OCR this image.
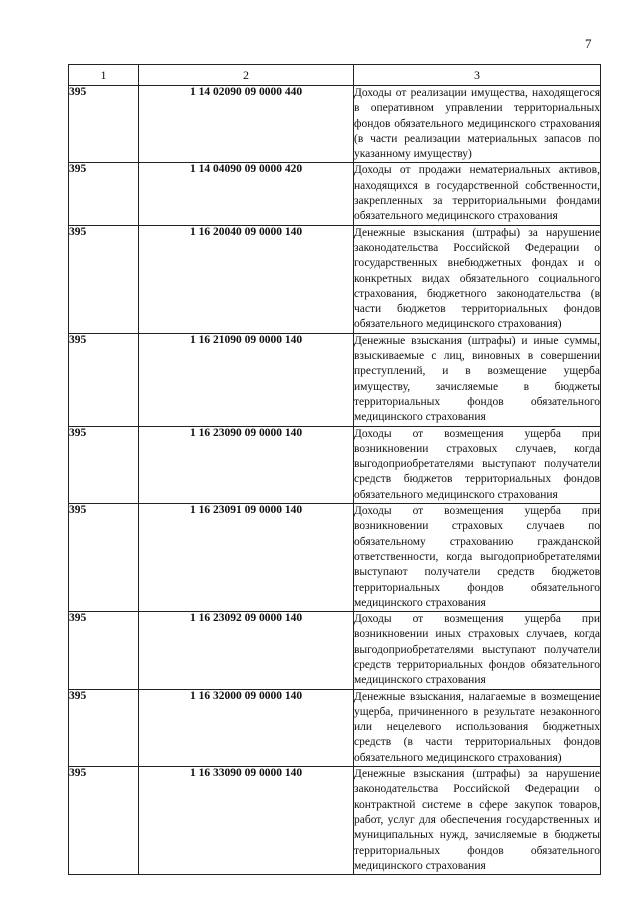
7
1	2	3
395	1 14 02090 09 0000 440	Доходы от реализации имущества, находящегося в оперативном управлении территориальных фондов обязательного медицинского страхования (в части реализации материальных запасов по указанному имуществу)
395	1 14 04090 09 0000 420	Доходы от продажи нематериальных активов, находящихся в государственной собственности, закрепленных за территориальными фондами обязательного медицинского страхования
395	1 16 20040 09 0000 140	Денежные взыскания (штрафы) за нарушение законодательства Российской Федерации о государственных внебюджетных фондах и о конкретных видах обязательного социального страхования, бюджетного законодательства (в части бюджетов территориальных фондов обязательного медицинского страхования)
395	1 16 21090 09 0000 140	Денежные взыскания (штрафы) и иные суммы, взыскиваемые с лиц, виновных в совершении преступлений, и в возмещение ущерба имуществу, зачисляемые в бюджеты территориальных фондов обязательного медицинского страхования
395	1 16 23090 09 0000 140	Доходы от возмещения ущерба при возникновении страховых случаев, когда выгодоприобретателями выступают получатели средств бюджетов территориальных фондов обязательного медицинского страхования
395	1 16 23091 09 0000 140	Доходы от возмещения ущерба при возникновении страховых случаев по обязательному страхованию гражданской ответственности, когда выгодоприобретателями выступают получатели средств бюджетов территориальных фондов обязательного медицинского страхования
395	1 16 23092 09 0000 140	Доходы от возмещения ущерба при возникновении иных страховых случаев, когда выгодоприобретателями выступают получатели средств территориальных фондов обязательного медицинского страхования
395	1 16 32000 09 0000 140	Денежные взыскания, налагаемые в возмещение ущерба, причиненного в результате незаконного или нецелевого использования бюджетных средств (в части территориальных фондов обязательного медицинского страхования)
395	1 16 33090 09 0000 140	Денежные взыскания (штрафы) за нарушение законодательства Российской Федерации о контрактной системе в сфере закупок товаров, работ, услуг для обеспечения государственных и муниципальных нужд, зачисляемые в бюджеты территориальных фондов обязательного медицинского страхования
